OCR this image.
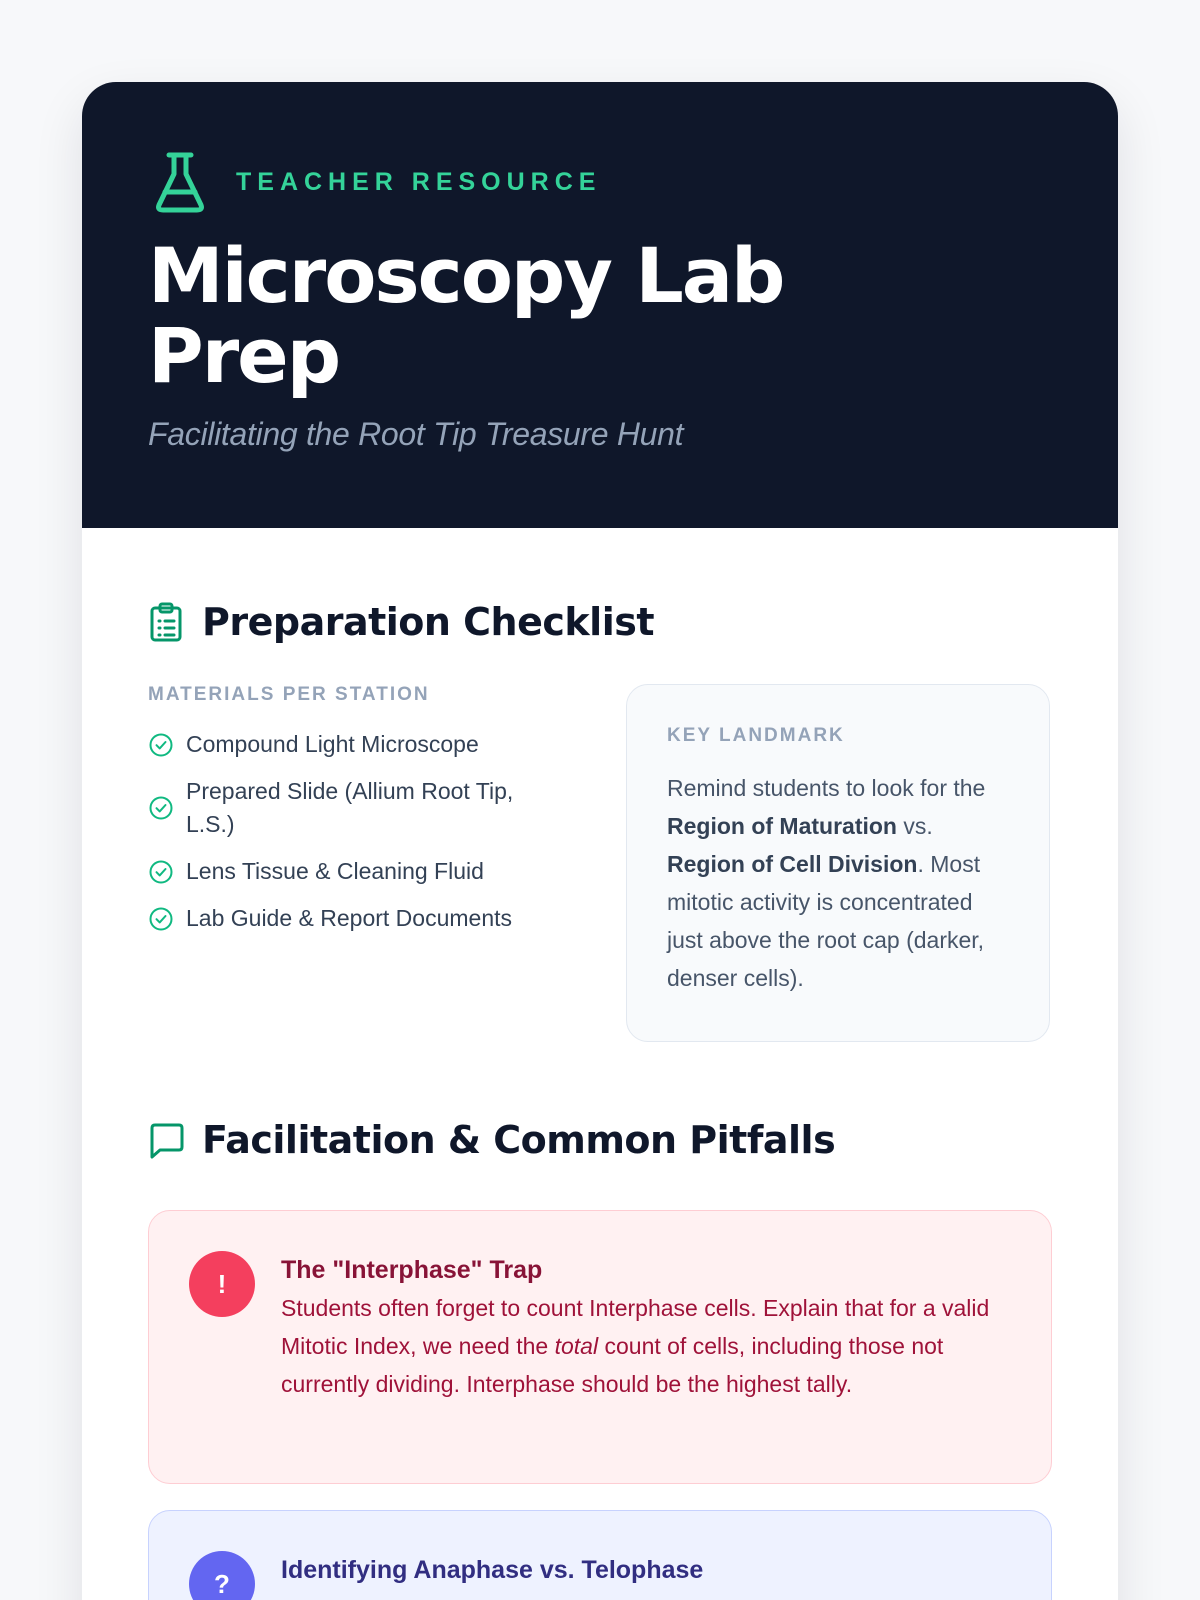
TEACHER RESOURCE
Microscopy Lab Prep

Facilitating the Root Tip Treasure Hunt

Preparation Checklist
MATERIALS PER STATION
Compound Light Microscope
Prepared Slide (Allium Root Tip, L.S.)
Lens Tissue & Cleaning Fluid
Lab Guide & Report Documents
KEY LANDMARK

Remind students to look for the Region of Maturation vs. Region of Cell Division. Most mitotic activity is concentrated just above the root cap (darker, denser cells).

Facilitation & Common Pitfalls
!	The "Interphase" Trap

Students often forget to count Interphase cells. Explain that for a valid Mitotic Index, we need the total count of cells, including those not currently dividing. Interphase should be the highest tally.

?	Identifying Anaphase vs. Telophase
